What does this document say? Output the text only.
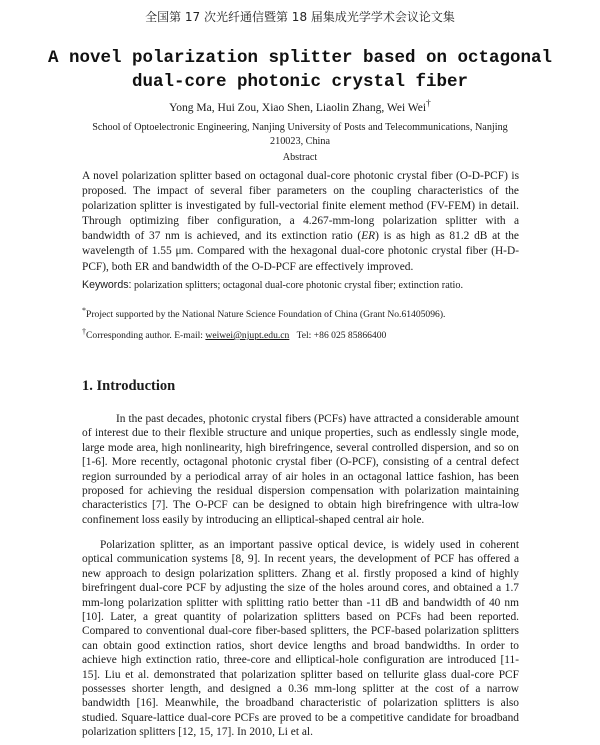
全国第 17 次光纤通信暨第 18 届集成光学学术会议论文集
A novel polarization splitter based on octagonal
dual-core photonic crystal fiber
Yong Ma, Hui Zou, Xiao Shen, Liaolin Zhang, Wei Wei†
School of Optoelectronic Engineering, Nanjing University of Posts and Telecommunications, Nanjing 210023, China
Abstract
A novel polarization splitter based on octagonal dual-core photonic crystal fiber (O-D-PCF) is proposed. The impact of several fiber parameters on the coupling characteristics of the polarization splitter is investigated by full-vectorial finite element method (FV-FEM) in detail. Through optimizing fiber configuration, a 4.267-mm-long polarization splitter with a bandwidth of 37 nm is achieved, and its extinction ratio (ER) is as high as 81.2 dB at the wavelength of 1.55 μm. Compared with the hexagonal dual-core photonic crystal fiber (H-D-PCF), both ER and bandwidth of the O-D-PCF are effectively improved.
Keywords: polarization splitters; octagonal dual-core photonic crystal fiber; extinction ratio.
*Project supported by the National Nature Science Foundation of China (Grant No.61405096).
†Corresponding author. E-mail: weiwei@njupt.edu.cn Tel: +86 025 85866400
1. Introduction
In the past decades, photonic crystal fibers (PCFs) have attracted a considerable amount of interest due to their flexible structure and unique properties, such as endlessly single mode, large mode area, high nonlinearity, high birefringence, several controlled dispersion, and so on [1-6]. More recently, octagonal photonic crystal fiber (O-PCF), consisting of a central defect region surrounded by a periodical array of air holes in an octagonal lattice fashion, has been proposed for achieving the residual dispersion compensation with polarization maintaining characteristics [7]. The O-PCF can be designed to obtain high birefringence with ultra-low confinement loss easily by introducing an elliptical-shaped central air hole.
Polarization splitter, as an important passive optical device, is widely used in coherent optical communication systems [8, 9]. In recent years, the development of PCF has offered a new approach to design polarization splitters. Zhang et al. firstly proposed a kind of highly birefringent dual-core PCF by adjusting the size of the holes around cores, and obtained a 1.7 mm-long polarization splitter with splitting ratio better than -11 dB and bandwidth of 40 nm [10]. Later, a great quantity of polarization splitters based on PCFs had been reported. Compared to conventional dual-core fiber-based splitters, the PCF-based polarization splitters can obtain good extinction ratios, short device lengths and broad bandwidths. In order to achieve high extinction ratio, three-core and elliptical-hole configuration are introduced [11-15]. Liu et al. demonstrated that polarization splitter based on tellurite glass dual-core PCF possesses shorter length, and designed a 0.36 mm-long splitter at the cost of a narrow bandwidth [16]. Meanwhile, the broadband characteristic of polarization splitters is also studied. Square-lattice dual-core PCFs are proved to be a competitive candidate for broadband polarization splitters [12, 15, 17]. In 2010, Li et al.
